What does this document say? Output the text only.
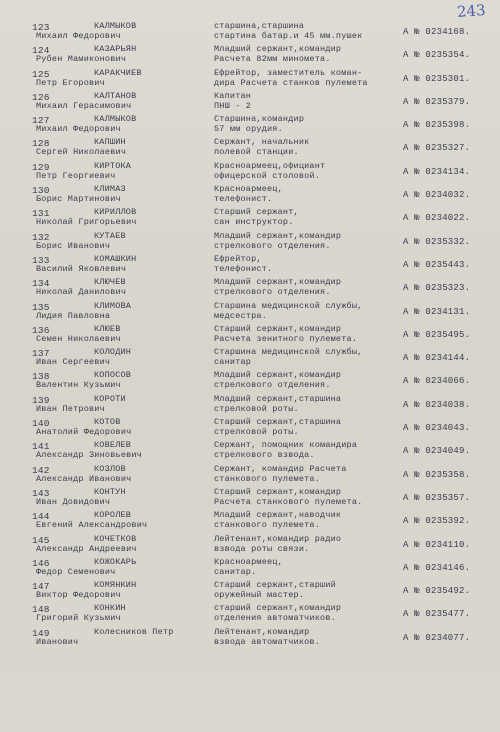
243
123	КАЛМЫКОВ
Михаил Федорович
старшина,старшина
стартина батар.и 45 мм.пушек	А № 0234168.
124	КАЗАРЬЯН
Рубен Мамиконович
Младший сержант,командир
Расчета 82мм минометa.	А № 0235354.
125	КАРАКЧИЕВ
Петр Егорович
Ефрейтор, заместитель коман-
дира Расчета станков пулемета	А № 0235301.
126	КАЛТАНОВ
Михаил Герасимович
Капитан
ПНШ - 2	А № 0235379.
127	КАЛМЫКОВ
Михаил Федорович
Старшина,командир
57 мм орудия.	А № 0235398.
128	КАПШИН
Сергей Николаевич
Сержант, начальник
полевой станции.	А № 0235327.
129	КИРТОКА
Петр Георгиевич
Красноармеец,официант
офицерской столовой.	А № 0234134.
130	КЛИМАЗ
Борис Мартинович
Красноармеец,
телефонист.	А № 0234032.
131	КИРИЛЛОВ
Николай Григорьевич
Старший сержант,
сан инструктор.	А № 0234022.
132	КУТАЕВ
Борис Иванович
Младший сержант,командир
стрелкового отделения.	А № 0235332.
133	КОМАШКИН
Василий Яковлевич
Ефрейтор,
телефонист.	А № 0235443.
134	КЛЮЧЕВ
Николай Данилович
Младший сержант,командир
стрелкового отделения.	А № 0235323.
135	КЛИМОВА
Лидия Павловна
Старшина медицинской службы,
медсестра.	А № 0234131.
136	КЛЮЕВ
Семен Николаевич
Старший сержант,командир
Расчета зенитного пулемета.	А № 0235495.
137	КОЛОДИН
Иван Сергеевич
Старшина медицинской службы,
санитар	А № 0234144.
138	КОПОСОВ
Валентин Кузьмич
Младший сержант,командир
стрелкового отделения.	А № 0234066.
139	КОРОТИ
Иван Петрович
Младший сержант,старшина
стрелковой роты.	А № 0234038.
140	КОТОВ
Анатолий Федорович
Старший сержант,старшина
стрелковой роты.	А № 0234043.
141	КОВЕЛЕВ
Александр Зиновьевич
Сержант, помощник командира
стрелкового взвода.	А № 0234049.
142	КОЗЛОВ
Александр Иванович
Сержант, командир Расчета
станкового пулемета.	А № 0235358.
143	КОНТУН
Иван Довидович
Старший сержант,командир
Расчета станкового пулемета.	А № 0235357.
144	КОРОЛЕВ
Евгений Александрович
Младший сержант,наводчик
станкового пулемета.	А № 0235392.
145	КОЧЕТКОВ
Александр Андреевич
Лейтенант,командир радио
взвода роты связи.	А № 0234110.
146	КОЖОКАРЬ
Федор Семенович
Красноармеец,
санитар.	А № 0234146.
147	КОМЯНКИН
Виктор Федорович
Старший сержант,старший
оружейный мастер.	А № 0235492.
148	КОНКИН
Григорий Кузьмич
старший сержант,командир
отделения автоматчиков.	А № 0235477.
149	Колесников Петр
Иванович
Лейтенант,командир
взвода автоматчиков.	А № 0234077.
